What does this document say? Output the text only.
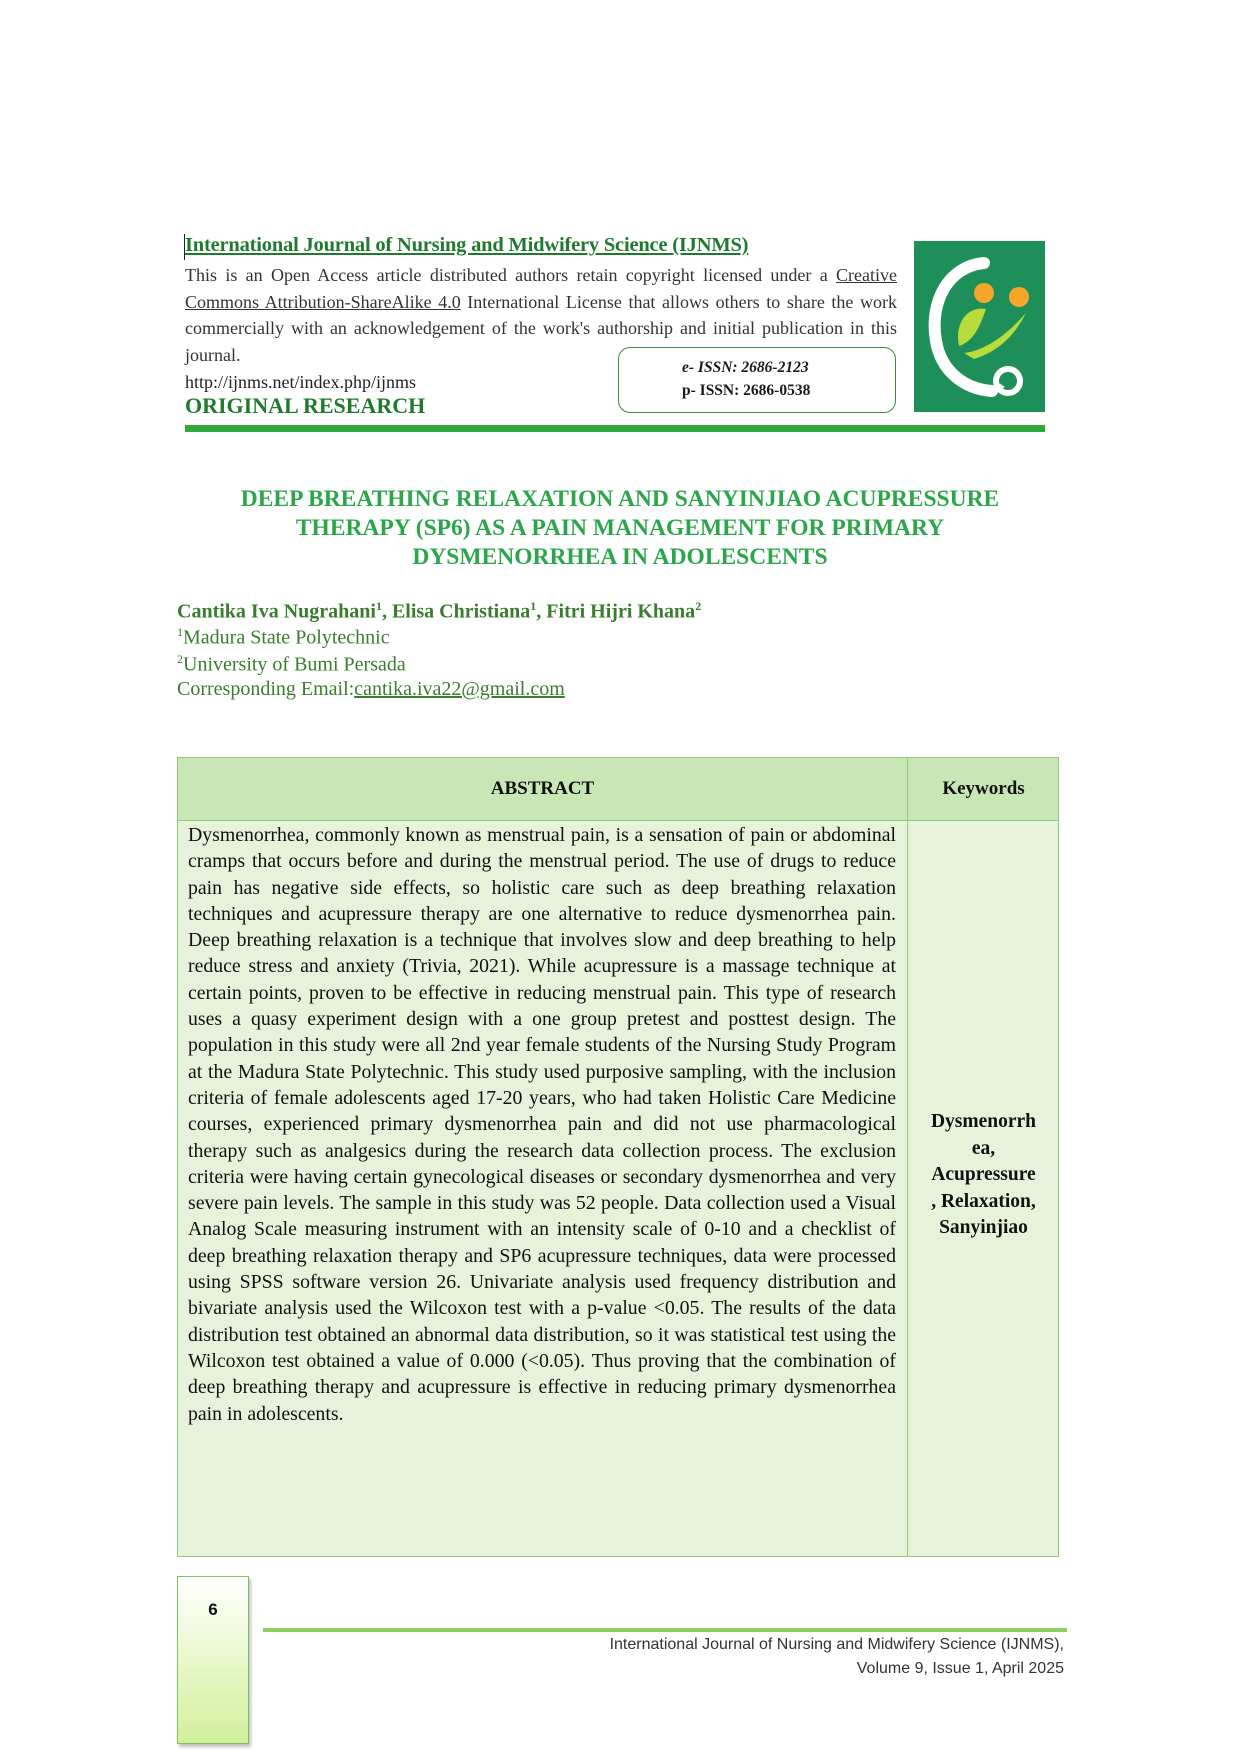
International Journal of Nursing and Midwifery Science (IJNMS)
This is an Open Access article distributed authors retain copyright licensed under a Creative Commons Attribution-ShareAlike 4.0 International License that allows others to share the work commercially with an acknowledgement of the work's authorship and initial publication in this journal.
http://ijnms.net/index.php/ijnms
ORIGINAL RESEARCH
e- ISSN: 2686-2123
p- ISSN: 2686-0538
DEEP BREATHING RELAXATION AND SANYINJIAO ACUPRESSURE
THERAPY (SP6) AS A PAIN MANAGEMENT FOR PRIMARY
DYSMENORRHEA IN ADOLESCENTS
Cantika Iva Nugrahani$^1$, Elisa Christiana$^1$, Fitri Hijri Khana$^2$
$^1$Madura State Polytechnic
$^2$University of Bumi Persada
Corresponding Email:cantika.iva22@gmail.com
ABSTRACT	Keywords
Dysmenorrhea, commonly known as menstrual pain, is a sensation of pain or abdominal cramps that occurs before and during the menstrual period. The use of drugs to reduce pain has negative side effects, so holistic care such as deep breathing relaxation techniques and acupressure therapy are one alternative to reduce dysmenorrhea pain. Deep breathing relaxation is a technique that involves slow and deep breathing to help reduce stress and anxiety (Trivia, 2021). While acupressure is a massage technique at certain points, proven to be effective in reducing menstrual pain. This type of research uses a quasy experiment design with a one group pretest and posttest design. The population in this study were all 2nd year female students of the Nursing Study Program at the Madura State Polytechnic. This study used purposive sampling, with the inclusion criteria of female adolescents aged 17-20 years, who had taken Holistic Care Medicine courses, experienced primary dysmenorrhea pain and did not use pharmacological therapy such as analgesics during the research data collection process. The exclusion criteria were having certain gynecological diseases or secondary dysmenorrhea and very severe pain levels. The sample in this study was 52 people. Data collection used a Visual Analog Scale measuring instrument with an intensity scale of 0-10 and a checklist of deep breathing relaxation therapy and SP6 acupressure techniques, data were processed using SPSS software version 26. Univariate analysis used frequency distribution and bivariate analysis used the Wilcoxon test with a p-value <0.05. The results of the data distribution test obtained an abnormal data distribution, so it was statistical test using the Wilcoxon test obtained a value of 0.000 (<0.05). Thus proving that the combination of deep breathing therapy and acupressure is effective in reducing primary dysmenorrhea pain in adolescents.
Dysmenorrh
ea,
Acupressure
, Relaxation,
Sanyinjiao
6
International Journal of Nursing and Midwifery Science (IJNMS),
Volume 9, Issue 1, April 2025
